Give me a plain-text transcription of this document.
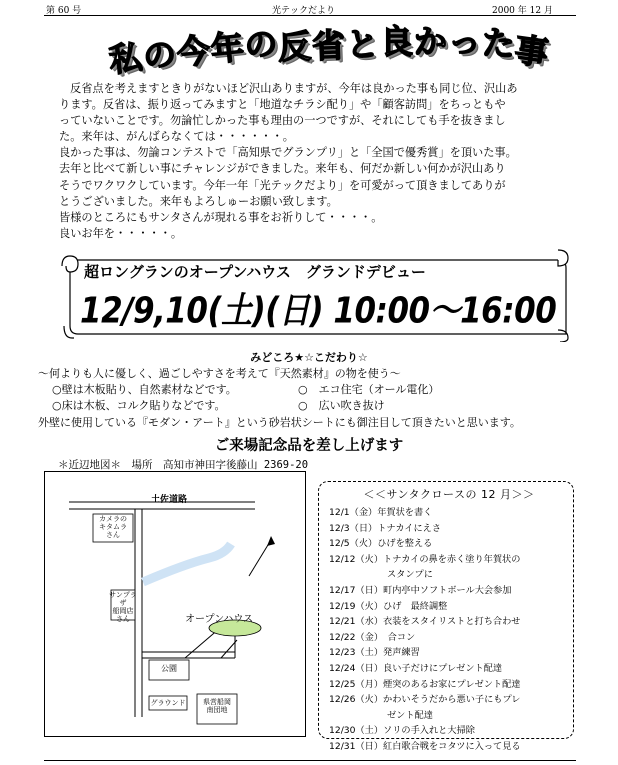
第 60 号	光テックだより	2000 年 12 月
私の今年の反省と良かった事

反省点を考えますときりがないほど沢山ありますが、今年は良かった事も同じ位、沢山あ

ります。反省は、振り返ってみますと「地道なチラシ配り」や「顧客訪問」をちっともや

っていないことです。勿論忙しかった事も理由の一つですが、それにしても手を抜きまし

た。来年は、がんばらなくては・・・・・・。

良かった事は、勿論コンテストで「高知県でグランプリ」と「全国で優秀賞」を頂いた事。

去年と比べて新しい事にチャレンジができました。来年も、何だか新しい何かが沢山あり

そうでワクワクしています。今年一年「光テックだより」を可愛がって頂きましてありが

とうございました。来年もよろしゅーお願い致します。

皆様のところにもサンタさんが現れる事をお祈りして・・・・。

良いお年を・・・・・。

超ロングランのオープンハウス　グランドデビュー
12/9,10(土)(日) 10:00～16:00
みどころ★☆こだわり☆
～何よりも人に優しく、過ごしやすさを考えて『天然素材』の物を使う～
○壁は木板貼り、自然素材などです。	○　エコ住宅（オール電化）
○床は木板、コルク貼りなどです。	○　広い吹き抜け
外壁に使用している『モダン・アート』という砂岩状シートにも御注目して頂きたいと思います。
ご来場記念品を差し上げます
＊近辺地図＊　場所　高知市神田字後藤山 2369-20
土佐道路
カメラの
キタムラ
さん
サンプラザ
船岡店
さん	オープンハウス
公園
グラウンド	県営船岡
南団地
＜＜サンタクロースの 12 月＞＞
12/1（金）年賀状を書く
12/3（日）トナカイにえさ
12/5（火）ひげを整える
12/12（火）トナカイの鼻を赤く塗り年賀状の
スタンプに
12/17（日）町内亭中ソフトボール大会参加
12/19（火）ひげ　最終調整
12/21（水）衣装をスタイリストと打ち合わせ
12/22（金）　合コン
12/23（土）発声練習
12/24（日）良い子だけにプレゼント配達
12/25（月）煙突のあるお家にプレゼント配達
12/26（火）かわいそうだから悪い子にもプレ
ゼント配達
12/30（土）ソリの手入れと大掃除
12/31（日）紅白歌合戦をコタツに入って見る
